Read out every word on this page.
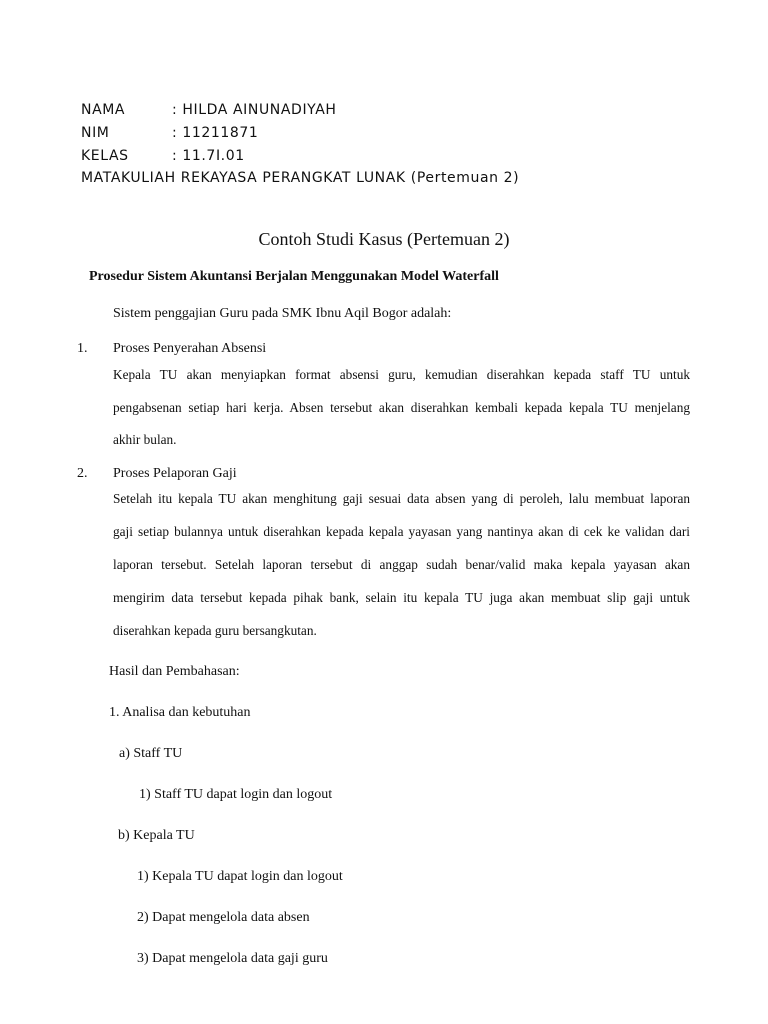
NAMA	: HILDA AINUNADIYAH
NIM	: 11211871
KELAS	: 11.7I.01
MATAKULIAH REKAYASA PERANGKAT LUNAK (Pertemuan 2)
Contoh Studi Kasus (Pertemuan 2)
Prosedur Sistem Akuntansi Berjalan Menggunakan Model Waterfall
Sistem penggajian Guru pada SMK Ibnu Aqil Bogor adalah:
1. Proses Penyerahan Absensi
Kepala TU akan menyiapkan format absensi guru, kemudian diserahkan kepada staff TU untuk
pengabsenan setiap hari kerja. Absen tersebut akan diserahkan kembali kepada kepala TU menjelang
akhir bulan.
2. Proses Pelaporan Gaji
Setelah itu kepala TU akan menghitung gaji sesuai data absen yang di peroleh, lalu membuat laporan
gaji setiap bulannya untuk diserahkan kepada kepala yayasan yang nantinya akan di cek ke validan dari
laporan tersebut. Setelah laporan tersebut di anggap sudah benar/valid maka kepala yayasan akan
mengirim data tersebut kepada pihak bank, selain itu kepala TU juga akan membuat slip gaji untuk
diserahkan kepada guru bersangkutan.
Hasil dan Pembahasan:
1. Analisa dan kebutuhan
a) Staff TU
1) Staff TU dapat login dan logout
b) Kepala TU
1) Kepala TU dapat login dan logout
2) Dapat mengelola data absen
3) Dapat mengelola data gaji guru
